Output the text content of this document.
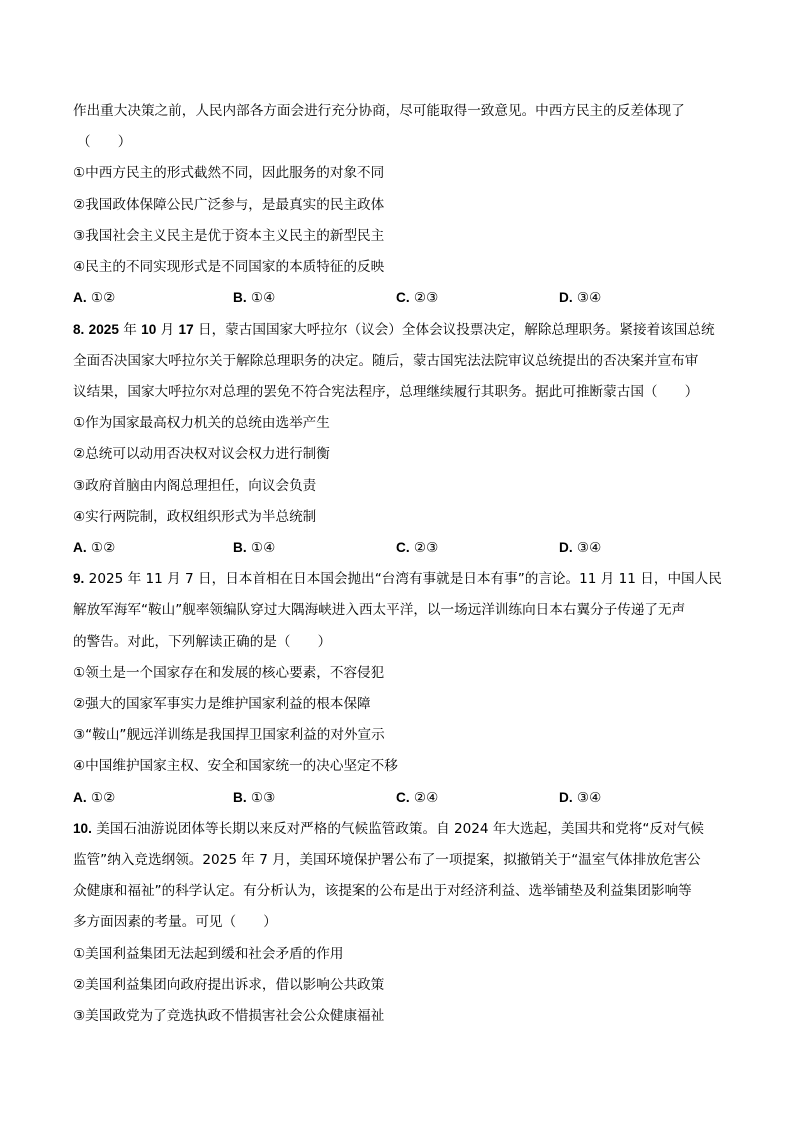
作出重大决策之前，人民内部各方面会进行充分协商，尽可能取得一致意见。中西方民主的反差体现了
（　　）
①中西方民主的形式截然不同，因此服务的对象不同
②我国政体保障公民广泛参与，是最真实的民主政体
③我国社会主义民主是优于资本主义民主的新型民主
④民主的不同实现形式是不同国家的本质特征的反映
A. ①②	B. ①④	C. ②③	D. ③④
8. 2025 年 10 月 17 日，蒙古国国家大呼拉尔（议会）全体会议投票决定，解除总理职务。紧接着该国总统
全面否决国家大呼拉尔关于解除总理职务的决定。随后，蒙古国宪法法院审议总统提出的否决案并宣布审
议结果，国家大呼拉尔对总理的罢免不符合宪法程序，总理继续履行其职务。据此可推断蒙古国（　　）
①作为国家最高权力机关的总统由选举产生
②总统可以动用否决权对议会权力进行制衡
③政府首脑由内阁总理担任，向议会负责
④实行两院制，政权组织形式为半总统制
A. ①②	B. ①④	C. ②③	D. ③④
9. 2025 年 11 月 7 日，日本首相在日本国会抛出“台湾有事就是日本有事”的言论。11 月 11 日，中国人民
解放军海军“鞍山”舰率领编队穿过大隅海峡进入西太平洋，以一场远洋训练向日本右翼分子传递了无声
的警告。对此，下列解读正确的是（　　）
①领土是一个国家存在和发展的核心要素，不容侵犯
②强大的国家军事实力是维护国家利益的根本保障
③“鞍山”舰远洋训练是我国捍卫国家利益的对外宣示
④中国维护国家主权、安全和国家统一的决心坚定不移
A. ①②	B. ①③	C. ②④	D. ③④
10. 美国石油游说团体等长期以来反对严格的气候监管政策。自 2024 年大选起，美国共和党将“反对气候
监管”纳入竞选纲领。2025 年 7 月，美国环境保护署公布了一项提案，拟撤销关于“温室气体排放危害公
众健康和福祉”的科学认定。有分析认为，该提案的公布是出于对经济利益、选举铺垫及利益集团影响等
多方面因素的考量。可见（　　）
①美国利益集团无法起到缓和社会矛盾的作用
②美国利益集团向政府提出诉求，借以影响公共政策
③美国政党为了竞选执政不惜损害社会公众健康福祉
